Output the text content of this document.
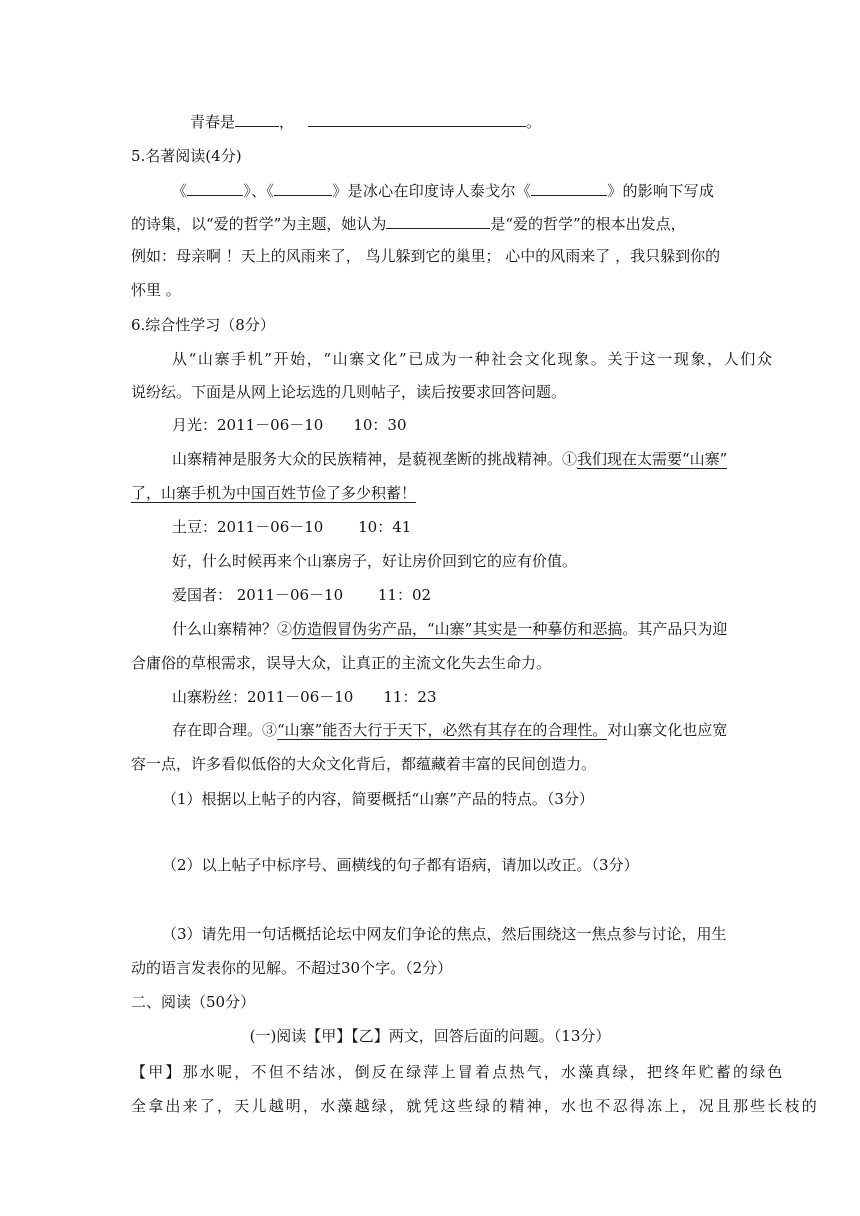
青春是	，	。
5.名著阅读(4分)
《	》、《	》是冰心在印度诗人泰戈尔《	》的影响下写成
的诗集，以“爱的哲学”为主题，她认为	是“爱的哲学”的根本出发点，
例如：母亲啊 ！天上的风雨来了， 鸟儿躲到它的巢里； 心中的风雨来了 ，我只躲到你的
怀里 。
6.综合性学习（8分）
从“山寨手机”开始，“山寨文化”已成为一种社会文化现象。关于这一现象，人们众
说纷纭。下面是从网上论坛选的几则帖子，读后按要求回答问题。
月光：2011－06－10　　10：30
山寨精神是服务大众的民族精神，是藐视垄断的挑战精神。①我们现在太需要“山寨”
了，山寨手机为中国百姓节俭了多少积蓄！
土豆：2011－06－10　　 10：41
好，什么时候再来个山寨房子，好让房价回到它的应有价值。
爱国者： 2011－06－10　　 11：02
什么山寨精神？②仿造假冒伪劣产品，“山寨”其实是一种摹仿和恶搞。其产品只为迎
合庸俗的草根需求，误导大众，让真正的主流文化失去生命力。
山寨粉丝：2011－06－10　　11：23
存在即合理。③“山寨”能否大行于天下，必然有其存在的合理性。对山寨文化也应宽
容一点，许多看似低俗的大众文化背后，都蕴藏着丰富的民间创造力。
（1）根据以上帖子的内容，简要概括“山寨”产品的特点。（3分）
（2）以上帖子中标序号、画横线的句子都有语病，请加以改正。（3分）
（3）请先用一句话概括论坛中网友们争论的焦点，然后围绕这一焦点参与讨论，用生
动的语言发表你的见解。不超过30个字。（2分）
二、阅读（50分）
(一)阅读【甲】【乙】两文，回答后面的问题。（13分）
【甲】那水呢，不但不结冰，倒反在绿萍上冒着点热气，水藻真绿，把终年贮蓄的绿色
全拿出来了，天儿越明，水藻越绿，就凭这些绿的精神，水也不忍得冻上，况且那些长枝的
